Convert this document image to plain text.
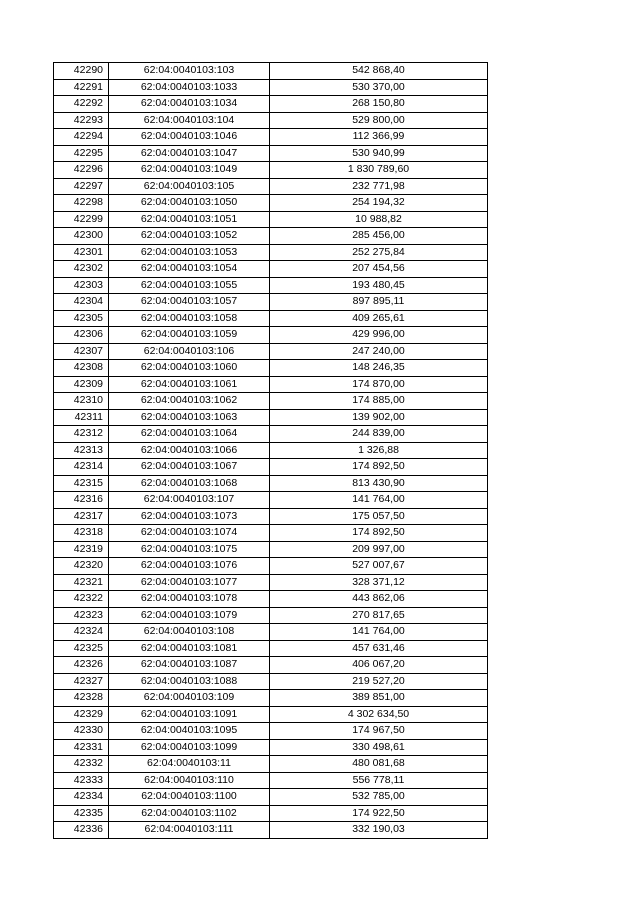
42290	62:04:0040103:103	542 868,40
42291	62:04:0040103:1033	530 370,00
42292	62:04:0040103:1034	268 150,80
42293	62:04:0040103:104	529 800,00
42294	62:04:0040103:1046	112 366,99
42295	62:04:0040103:1047	530 940,99
42296	62:04:0040103:1049	1 830 789,60
42297	62:04:0040103:105	232 771,98
42298	62:04:0040103:1050	254 194,32
42299	62:04:0040103:1051	10 988,82
42300	62:04:0040103:1052	285 456,00
42301	62:04:0040103:1053	252 275,84
42302	62:04:0040103:1054	207 454,56
42303	62:04:0040103:1055	193 480,45
42304	62:04:0040103:1057	897 895,11
42305	62:04:0040103:1058	409 265,61
42306	62:04:0040103:1059	429 996,00
42307	62:04:0040103:106	247 240,00
42308	62:04:0040103:1060	148 246,35
42309	62:04:0040103:1061	174 870,00
42310	62:04:0040103:1062	174 885,00
42311	62:04:0040103:1063	139 902,00
42312	62:04:0040103:1064	244 839,00
42313	62:04:0040103:1066	1 326,88
42314	62:04:0040103:1067	174 892,50
42315	62:04:0040103:1068	813 430,90
42316	62:04:0040103:107	141 764,00
42317	62:04:0040103:1073	175 057,50
42318	62:04:0040103:1074	174 892,50
42319	62:04:0040103:1075	209 997,00
42320	62:04:0040103:1076	527 007,67
42321	62:04:0040103:1077	328 371,12
42322	62:04:0040103:1078	443 862,06
42323	62:04:0040103:1079	270 817,65
42324	62:04:0040103:108	141 764,00
42325	62:04:0040103:1081	457 631,46
42326	62:04:0040103:1087	406 067,20
42327	62:04:0040103:1088	219 527,20
42328	62:04:0040103:109	389 851,00
42329	62:04:0040103:1091	4 302 634,50
42330	62:04:0040103:1095	174 967,50
42331	62:04:0040103:1099	330 498,61
42332	62:04:0040103:11	480 081,68
42333	62:04:0040103:110	556 778,11
42334	62:04:0040103:1100	532 785,00
42335	62:04:0040103:1102	174 922,50
42336	62:04:0040103:111	332 190,03
